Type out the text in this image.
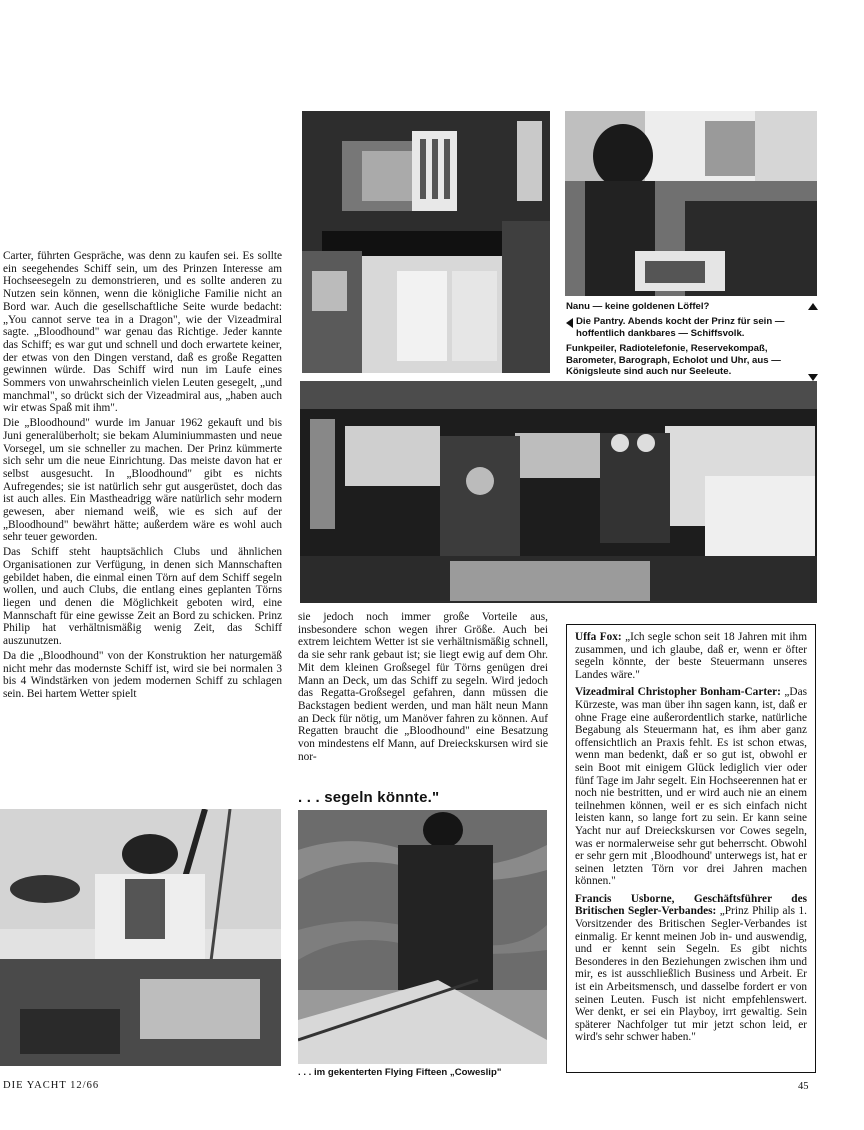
Carter, führten Gespräche, was denn zu kaufen sei. Es sollte ein seegehendes Schiff sein, um des Prinzen Interesse am Hochseesegeln zu demonstrieren, und es sollte anderen zu Nutzen sein können, wenn die königliche Familie nicht an Bord war. Auch die gesellschaftliche Seite wurde bedacht: „You cannot serve tea in a Dragon", wie der Vizeadmiral sagte. „Bloodhound" war genau das Richtige. Jeder kannte das Schiff; es war gut und schnell und doch erwartete keiner, der etwas von den Dingen verstand, daß es große Regatten gewinnen würde. Das Schiff wird nun im Laufe eines Sommers von unwahrscheinlich vielen Leuten gesegelt, „und manchmal", so drückt sich der Vizeadmiral aus, „haben auch wir etwas Spaß mit ihm".

Die „Bloodhound" wurde im Januar 1962 gekauft und bis Juni generalüberholt; sie bekam Aluminiummasten und neue Vorsegel, um sie schneller zu machen. Der Prinz kümmerte sich sehr um die neue Einrichtung. Das meiste davon hat er selbst ausgesucht. In „Bloodhound" gibt es nichts Aufregendes; sie ist natürlich sehr gut ausgerüstet, doch das ist auch alles. Ein Mastheadrigg wäre natürlich sehr modern gewesen, aber niemand weiß, wie es sich auf der „Bloodhound" bewährt hätte; außerdem wäre es wohl auch sehr teuer geworden.

Das Schiff steht hauptsächlich Clubs und ähnlichen Organisationen zur Verfügung, in denen sich Mannschaften gebildet haben, die einmal einen Törn auf dem Schiff segeln wollen, und auch Clubs, die entlang eines geplanten Törns liegen und denen die Möglichkeit geboten wird, eine Mannschaft für eine gewisse Zeit an Bord zu schicken. Prinz Philip hat verhältnismäßig wenig Zeit, das Schiff auszunutzen.

Da die „Bloodhound" von der Konstruktion her naturgemäß nicht mehr das modernste Schiff ist, wird sie bei normalen 3 bis 4 Windstärken von jedem modernen Schiff zu schlagen sein. Bei hartem Wetter spielt

sie jedoch noch immer große Vorteile aus, insbesondere schon wegen ihrer Größe. Auch bei extrem leichtem Wetter ist sie verhältnismäßig schnell, da sie sehr rank gebaut ist; sie liegt ewig auf dem Ohr. Mit dem kleinen Großsegel für Törns genügen drei Mann an Deck, um das Schiff zu segeln. Wird jedoch das Regatta-Großsegel gefahren, dann müssen die Backstagen bedient werden, und man hält neun Mann an Deck für nötig, um Manöver fahren zu können. Auf Regatten braucht die „Bloodhound" eine Besatzung von mindestens elf Mann, auf Dreieckskursen wird sie nor-

. . . segeln könnte."
Nanu — keine goldenen Löffel?
Die Pantry. Abends kocht der Prinz für sein — hoffentlich dankbares — Schiffsvolk.
Funkpeiler, Radiotelefonie, Reservekompaß, Barometer, Barograph, Echolot und Uhr, aus — Königsleute sind auch nur Seeleute.

Uffa Fox: „Ich segle schon seit 18 Jahren mit ihm zusammen, und ich glaube, daß er, wenn er öfter segeln könnte, der beste Steuermann unseres Landes wäre."

Vizeadmiral Christopher Bonham-Carter: „Das Kürzeste, was man über ihn sagen kann, ist, daß er ohne Frage eine außerordentlich starke, natürliche Begabung als Steuermann hat, es ihm aber ganz offensichtlich an Praxis fehlt. Es ist schon etwas, wenn man bedenkt, daß er so gut ist, obwohl er sein Boot mit einigem Glück lediglich vier oder fünf Tage im Jahr segelt. Ein Hochseerennen hat er noch nie bestritten, und er wird auch nie an einem teilnehmen können, weil er es sich einfach nicht leisten kann, so lange fort zu sein. Er kann seine Yacht nur auf Dreieckskursen vor Cowes segeln, was er normalerweise sehr gut beherrscht. Obwohl er sehr gern mit ‚Bloodhound' unterwegs ist, hat er seinen letzten Törn vor drei Jahren machen können."

Francis Usborne, Geschäftsführer des Britischen Segler-Verbandes: „Prinz Philip als 1. Vorsitzender des Britischen Segler-Verbandes ist einmalig. Er kennt meinen Job in- und auswendig, und er kennt sein Segeln. Es gibt nichts Besonderes in den Beziehungen zwischen ihm und mir, es ist ausschließlich Business und Arbeit. Er ist ein Arbeitsmensch, und dasselbe fordert er von seinen Leuten. Fusch ist nicht empfehlenswert. Wer denkt, er sei ein Playboy, irrt gewaltig. Sein späterer Nachfolger tut mir jetzt schon leid, er wird's sehr schwer haben."

. . . im gekenterten Flying Fifteen „Coweslip"
DIE YACHT 12/66	45
